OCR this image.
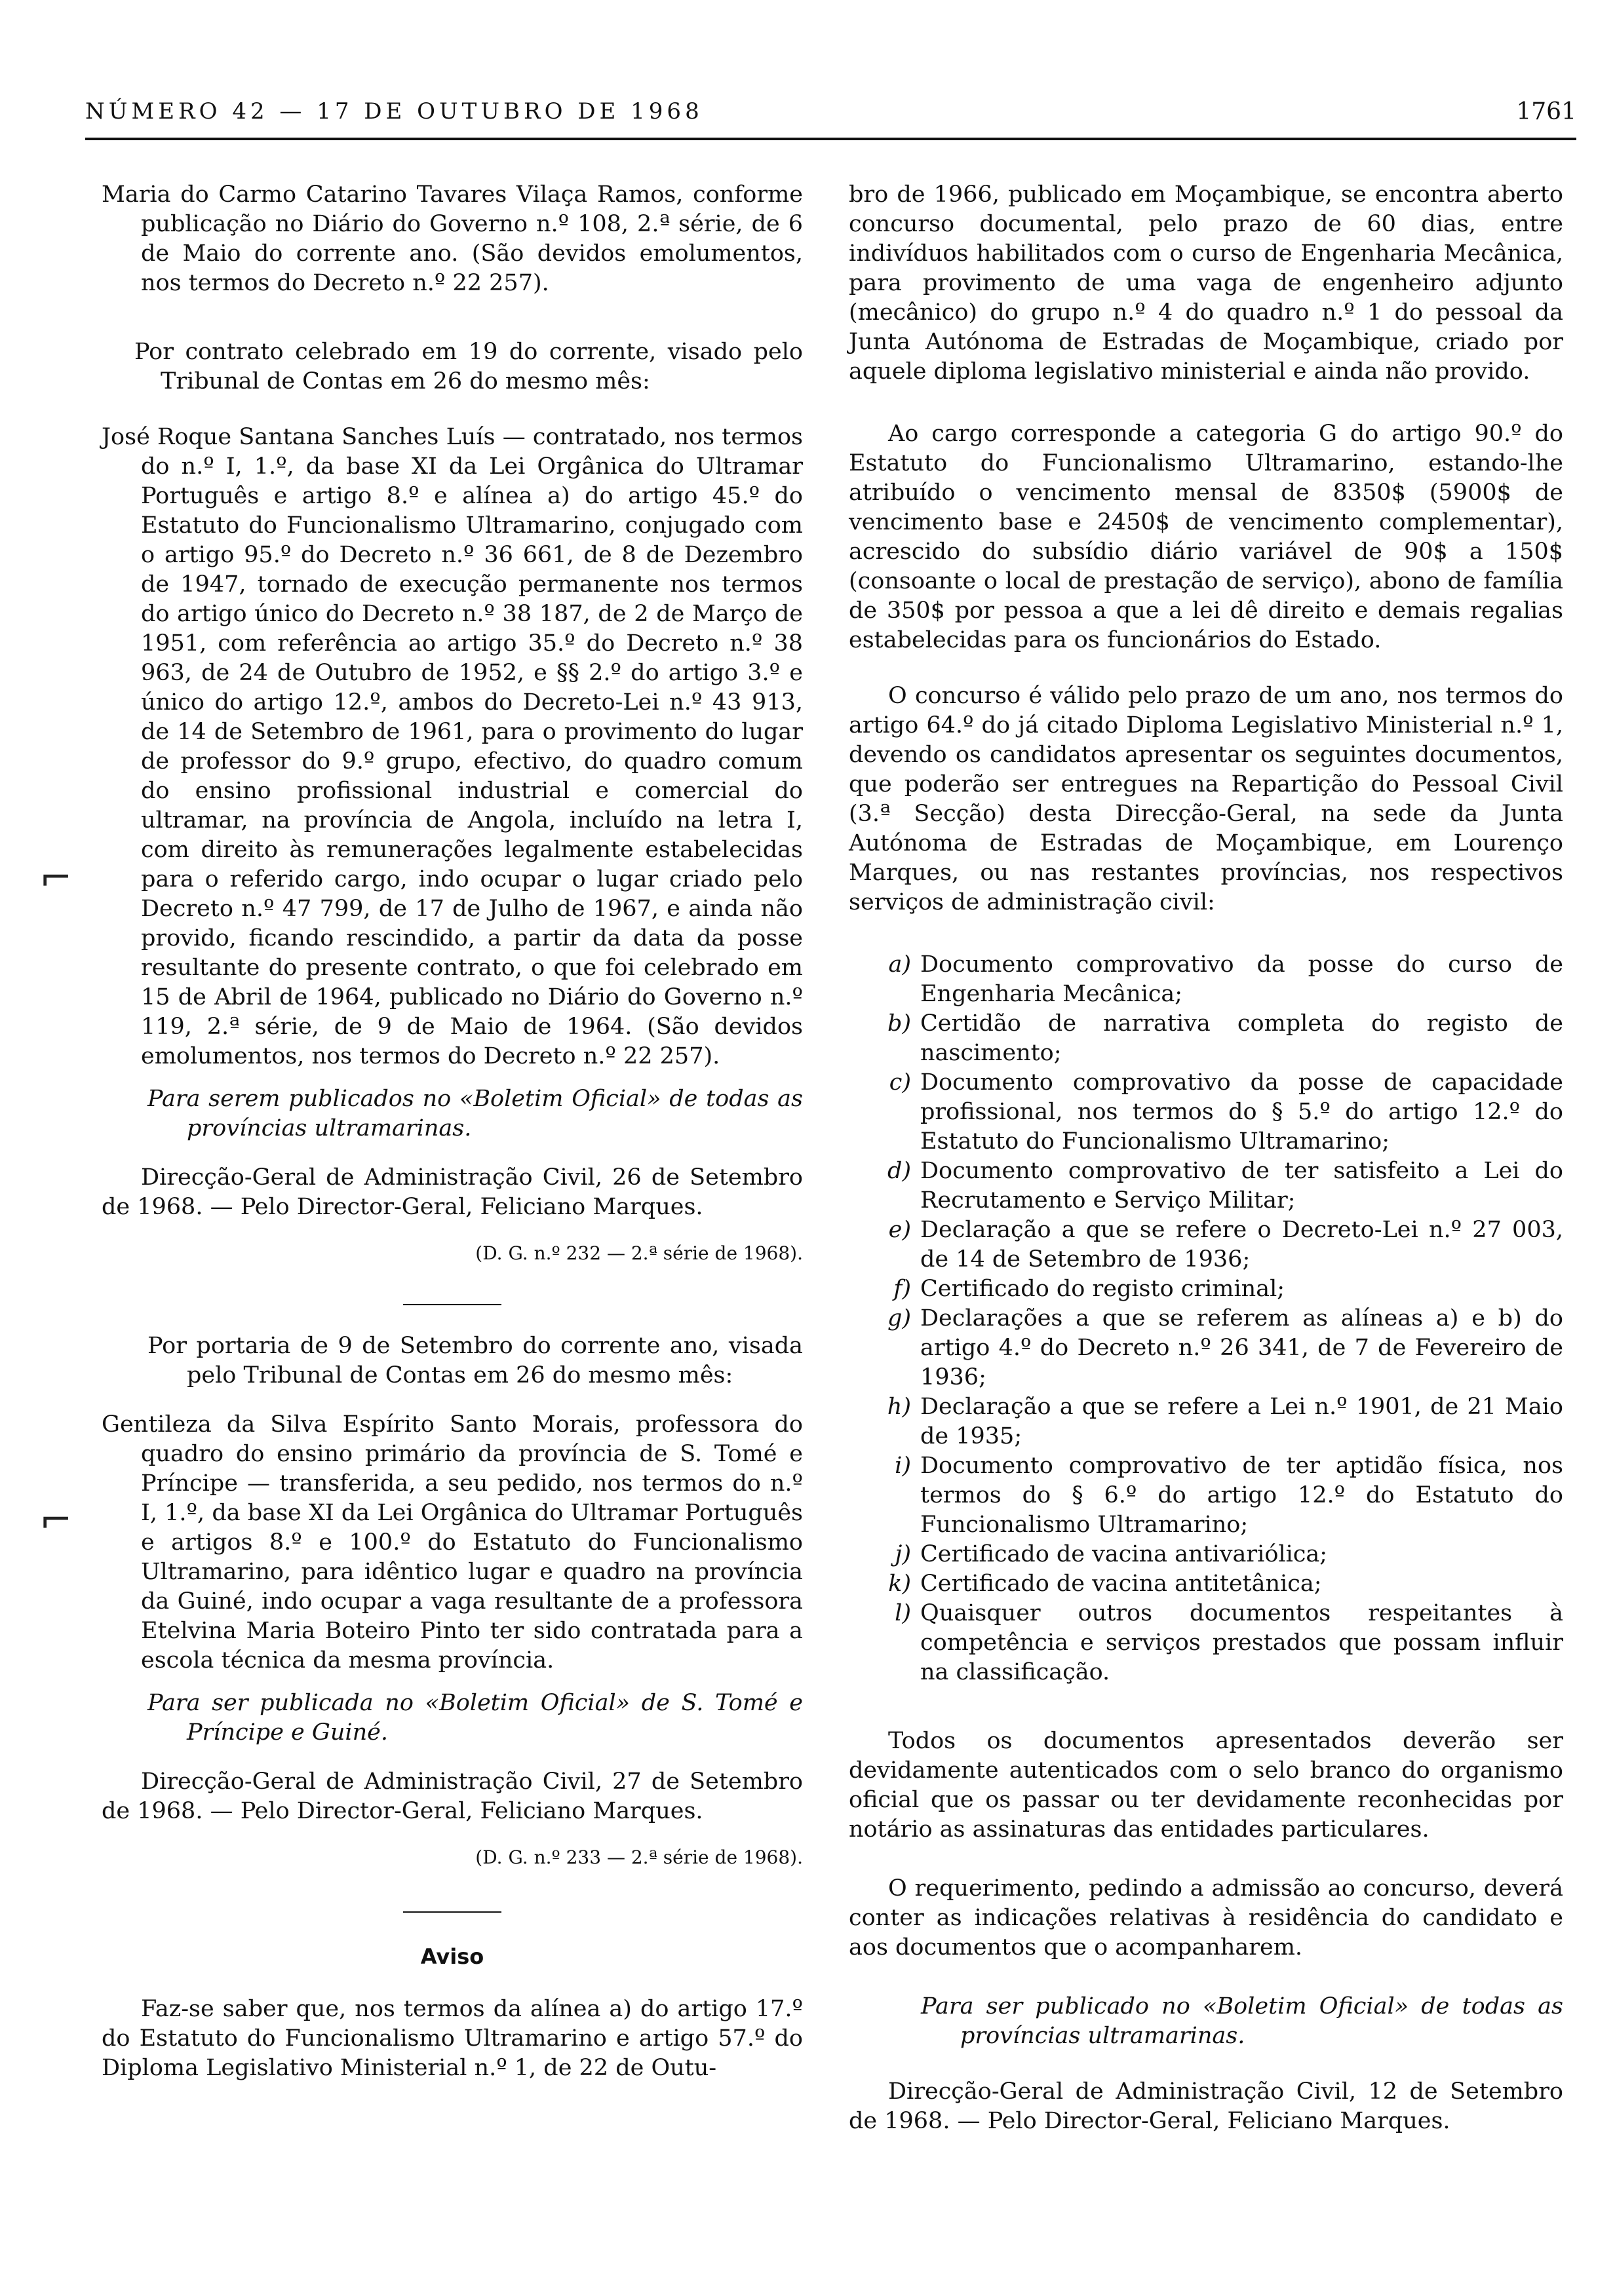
NÚMERO 42 — 17 DE OUTUBRO DE 1968	1761
⌐
⌐

Maria do Carmo Catarino Tavares Vilaça Ramos, conforme publicação no Diário do Governo n.º 108, 2.ª série, de 6 de Maio do corrente ano. (São devidos emolumentos, nos termos do Decreto n.º 22 257).

Por contrato celebrado em 19 do corrente, visado pelo Tribunal de Contas em 26 do mesmo mês:

José Roque Santana Sanches Luís — contratado, nos termos do n.º I, 1.º, da base XI da Lei Orgânica do Ultramar Português e artigo 8.º e alínea a) do artigo 45.º do Estatuto do Funcionalismo Ultramarino, conjugado com o artigo 95.º do Decreto n.º 36 661, de 8 de Dezembro de 1947, tornado de execução permanente nos termos do artigo único do Decreto n.º 38 187, de 2 de Março de 1951, com referência ao artigo 35.º do Decreto n.º 38 963, de 24 de Outubro de 1952, e §§ 2.º do artigo 3.º e único do artigo 12.º, ambos do Decreto-Lei n.º 43 913, de 14 de Setembro de 1961, para o provimento do lugar de professor do 9.º grupo, efectivo, do quadro comum do ensino profissional industrial e comercial do ultramar, na província de Angola, incluído na letra I, com direito às remunerações legalmente estabelecidas para o referido cargo, indo ocupar o lugar criado pelo Decreto n.º 47 799, de 17 de Julho de 1967, e ainda não provido, ficando rescindido, a partir da data da posse resultante do presente contrato, o que foi celebrado em 15 de Abril de 1964, publicado no Diário do Governo n.º 119, 2.ª série, de 9 de Maio de 1964. (São devidos emolumentos, nos termos do Decreto n.º 22 257).

Para serem publicados no «Boletim Oficial» de todas as províncias ultramarinas.

Direcção-Geral de Administração Civil, 26 de Setembro de 1968. — Pelo Director-Geral, Feliciano Marques.

(D. G. n.º 232 — 2.ª série de 1968).

Por portaria de 9 de Setembro do corrente ano, visada pelo Tribunal de Contas em 26 do mesmo mês:

Gentileza da Silva Espírito Santo Morais, professora do quadro do ensino primário da província de S. Tomé e Príncipe — transferida, a seu pedido, nos termos do n.º I, 1.º, da base XI da Lei Orgânica do Ultramar Português e artigos 8.º e 100.º do Estatuto do Funcionalismo Ultramarino, para idêntico lugar e quadro na província da Guiné, indo ocupar a vaga resultante de a professora Etelvina Maria Boteiro Pinto ter sido contratada para a escola técnica da mesma província.

Para ser publicada no «Boletim Oficial» de S. Tomé e Príncipe e Guiné.

Direcção-Geral de Administração Civil, 27 de Setembro de 1968. — Pelo Director-Geral, Feliciano Marques.

(D. G. n.º 233 — 2.ª série de 1968).

Aviso

Faz-se saber que, nos termos da alínea a) do artigo 17.º do Estatuto do Funcionalismo Ultramarino e artigo 57.º do Diploma Legislativo Ministerial n.º 1, de 22 de Outu-

bro de 1966, publicado em Moçambique, se encontra aberto concurso documental, pelo prazo de 60 dias, entre indivíduos habilitados com o curso de Engenharia Mecânica, para provimento de uma vaga de engenheiro adjunto (mecânico) do grupo n.º 4 do quadro n.º 1 do pessoal da Junta Autónoma de Estradas de Moçambique, criado por aquele diploma legislativo ministerial e ainda não provido.

Ao cargo corresponde a categoria G do artigo 90.º do Estatuto do Funcionalismo Ultramarino, estando-lhe atribuído o vencimento mensal de 8350$ (5900$ de vencimento base e 2450$ de vencimento complementar), acrescido do subsídio diário variável de 90$ a 150$ (consoante o local de prestação de serviço), abono de família de 350$ por pessoa a que a lei dê direito e demais regalias estabelecidas para os funcionários do Estado.

O concurso é válido pelo prazo de um ano, nos termos do artigo 64.º do já citado Diploma Legislativo Ministerial n.º 1, devendo os candidatos apresentar os seguintes documentos, que poderão ser entregues na Repartição do Pessoal Civil (3.ª Secção) desta Direcção-Geral, na sede da Junta Autónoma de Estradas de Moçambique, em Lourenço Marques, ou nas restantes províncias, nos respectivos serviços de administração civil:

a) Documento comprovativo da posse do curso de Engenharia Mecânica;
b) Certidão de narrativa completa do registo de nascimento;
c) Documento comprovativo da posse de capacidade profissional, nos termos do § 5.º do artigo 12.º do Estatuto do Funcionalismo Ultramarino;
d) Documento comprovativo de ter satisfeito a Lei do Recrutamento e Serviço Militar;
e) Declaração a que se refere o Decreto-Lei n.º 27 003, de 14 de Setembro de 1936;
f) Certificado do registo criminal;
g) Declarações a que se referem as alíneas a) e b) do artigo 4.º do Decreto n.º 26 341, de 7 de Fevereiro de 1936;
h) Declaração a que se refere a Lei n.º 1901, de 21 Maio de 1935;
i) Documento comprovativo de ter aptidão física, nos termos do § 6.º do artigo 12.º do Estatuto do Funcionalismo Ultramarino;
j) Certificado de vacina antivariólica;
k) Certificado de vacina antitetânica;
l) Quaisquer outros documentos respeitantes à competência e serviços prestados que possam influir na classificação.

Todos os documentos apresentados deverão ser devidamente autenticados com o selo branco do organismo oficial que os passar ou ter devidamente reconhecidas por notário as assinaturas das entidades particulares.

O requerimento, pedindo a admissão ao concurso, deverá conter as indicações relativas à residência do candidato e aos documentos que o acompanharem.

Para ser publicado no «Boletim Oficial» de todas as províncias ultramarinas.

Direcção-Geral de Administração Civil, 12 de Setembro de 1968. — Pelo Director-Geral, Feliciano Marques.
